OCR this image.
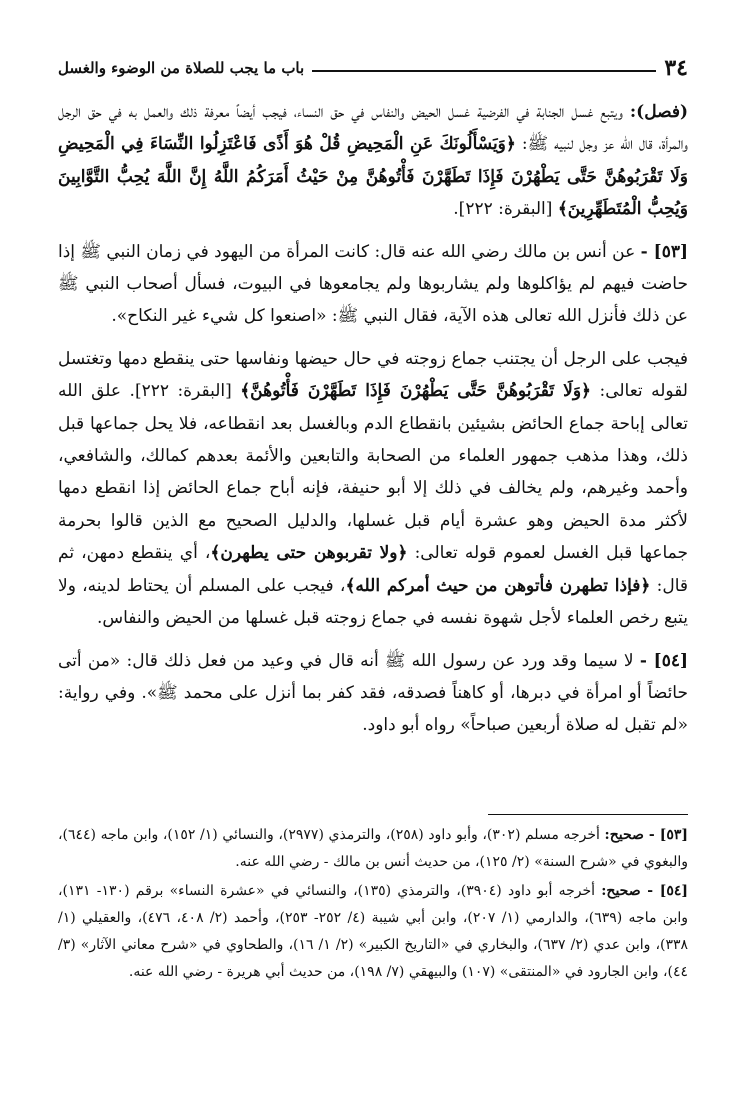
٣٤
باب ما يجب للصلاة من الوضوء والغسل

(فصل): ويتبع غسل الجنابة في الفرضية غسل الحيض والنفاس في حق النساء، فيجب أيضاً معرفة ذلك والعمل به في حق الرجل والمرأة، قال الله عز وجل لنبيه ﷺ: ﴿وَيَسْأَلُونَكَ عَنِ الْمَحِيضِ قُلْ هُوَ أَذًى فَاعْتَزِلُوا النِّسَاءَ فِي الْمَحِيضِ وَلَا تَقْرَبُوهُنَّ حَتَّى يَطْهُرْنَ فَإِذَا تَطَهَّرْنَ فَأْتُوهُنَّ مِنْ حَيْثُ أَمَرَكُمُ اللَّهُ إِنَّ اللَّهَ يُحِبُّ التَّوَّابِينَ وَيُحِبُّ الْمُتَطَهِّرِينَ﴾ [البقرة: ٢٢٢].

[٥٣] - عن أنس بن مالك رضي الله عنه قال: كانت المرأة من اليهود في زمان النبي ﷺ إذا حاضت فيهم لم يؤاكلوها ولم يشاربوها ولم يجامعوها في البيوت، فسأل أصحاب النبي ﷺ عن ذلك فأنزل الله تعالى هذه الآية، فقال النبي ﷺ: «اصنعوا كل شيء غير النكاح».

فيجب على الرجل أن يجتنب جماع زوجته في حال حيضها ونفاسها حتى ينقطع دمها وتغتسل لقوله تعالى: ﴿وَلَا تَقْرَبُوهُنَّ حَتَّى يَطْهُرْنَ فَإِذَا تَطَهَّرْنَ فَأْتُوهُنَّ﴾ [البقرة: ٢٢٢]. علق الله تعالى إباحة جماع الحائض بشيئين بانقطاع الدم وبالغسل بعد انقطاعه، فلا يحل جماعها قبل ذلك، وهذا مذهب جمهور العلماء من الصحابة والتابعين والأئمة بعدهم كمالك، والشافعي، وأحمد وغيرهم، ولم يخالف في ذلك إلا أبو حنيفة، فإنه أباح جماع الحائض إذا انقطع دمها لأكثر مدة الحيض وهو عشرة أيام قبل غسلها، والدليل الصحيح مع الذين قالوا بحرمة جماعها قبل الغسل لعموم قوله تعالى: ﴿ولا تقربوهن حتى يطهرن﴾، أي ينقطع دمهن، ثم قال: ﴿فإذا تطهرن فأتوهن من حيث أمركم الله﴾، فيجب على المسلم أن يحتاط لدينه، ولا يتبع رخص العلماء لأجل شهوة نفسه في جماع زوجته قبل غسلها من الحيض والنفاس.

[٥٤] - لا سيما وقد ورد عن رسول الله ﷺ أنه قال في وعيد من فعل ذلك قال: «من أتى حائضاً أو امرأة في دبرها، أو كاهناً فصدقه، فقد كفر بما أنزل على محمد ﷺ». وفي رواية: «لم تقبل له صلاة أربعين صباحاً» رواه أبو داود.

[٥٣] - صحيح: أخرجه مسلم (٣٠٢)، وأبو داود (٢٥٨)، والترمذي (٢٩٧٧)، والنسائي (١/ ١٥٢)، وابن ماجه (٦٤٤)، والبغوي في «شرح السنة» (٢/ ١٢٥)، من حديث أنس بن مالك - رضي الله عنه.

[٥٤] - صحيح: أخرجه أبو داود (٣٩٠٤)، والترمذي (١٣٥)، والنسائي في «عشرة النساء» برقم (١٣٠- ١٣١)، وابن ماجه (٦٣٩)، والدارمي (١/ ٢٠٧)، وابن أبي شيبة (٤/ ٢٥٢- ٢٥٣)، وأحمد (٢/ ٤٠٨، ٤٧٦)، والعقيلي (١/ ٣٣٨)، وابن عدي (٢/ ٦٣٧)، والبخاري في «التاريخ الكبير» (٢/ ١/ ١٦)، والطحاوي في «شرح معاني الآثار» (٣/ ٤٤)، وابن الجارود في «المنتقى» (١٠٧) والبيهقي (٧/ ١٩٨)، من حديث أبي هريرة - رضي الله عنه.
